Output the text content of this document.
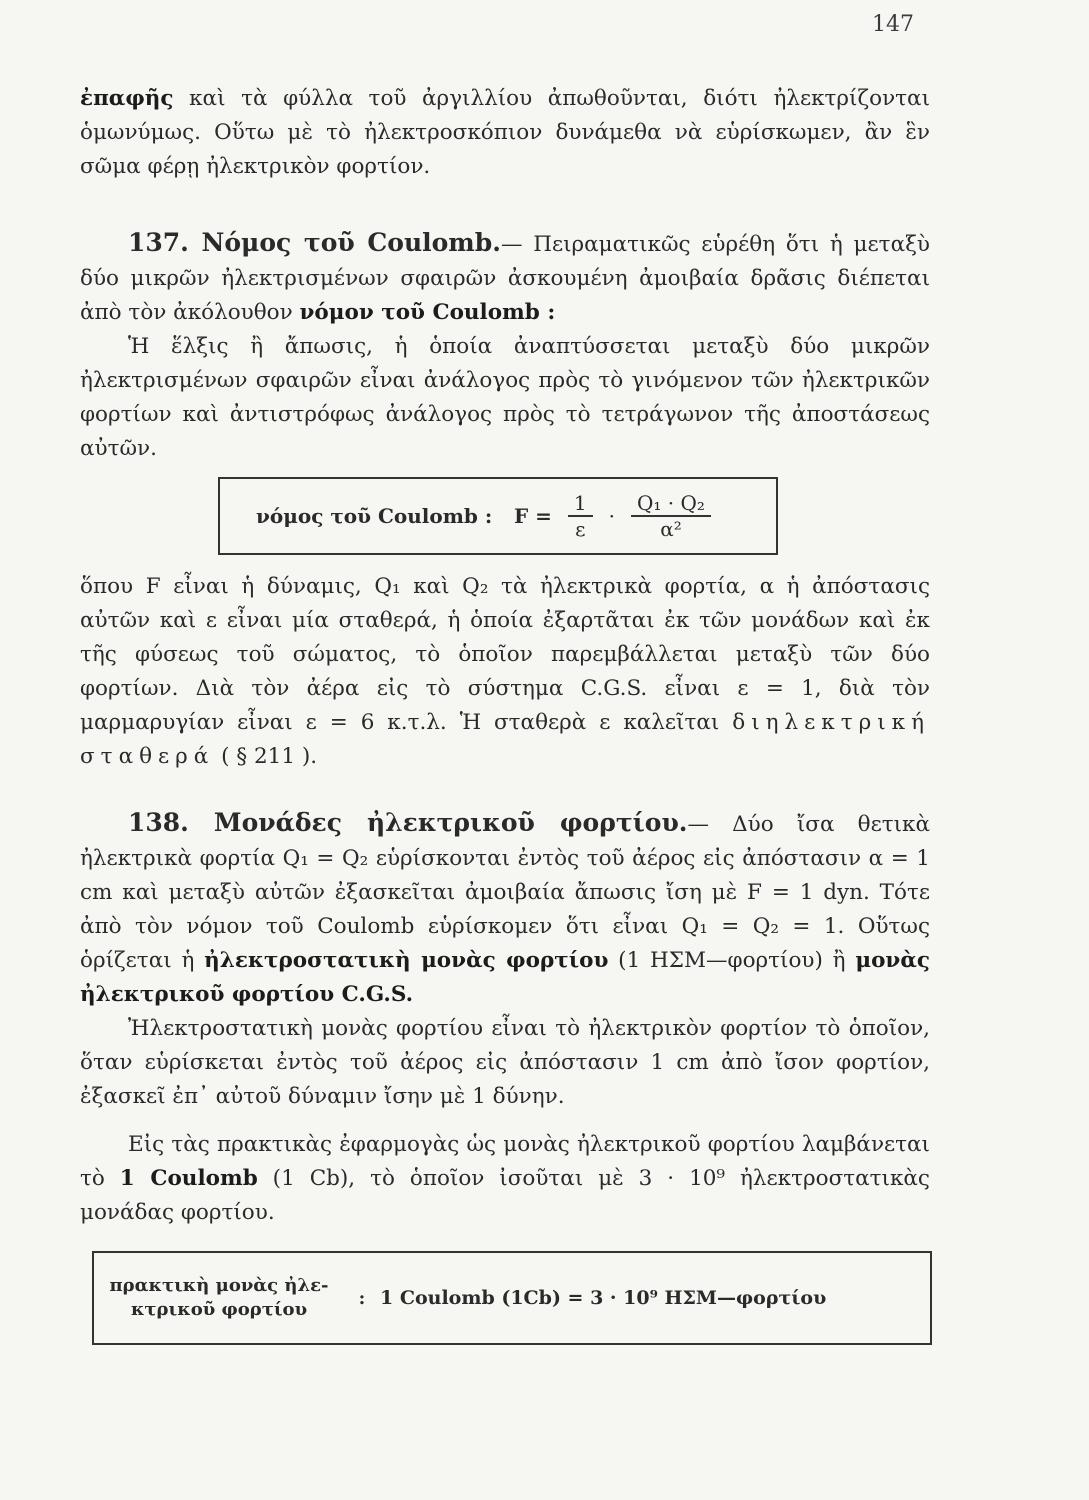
147

ἐπαφῆς καὶ τὰ φύλλα τοῦ ἀργιλλίου ἀπωθοῦνται, διότι ἠλεκτρίζονται ὁμωνύμως. Οὕτω μὲ τὸ ἠλεκτροσκόπιον δυνάμεθα νὰ εὑρίσκωμεν, ἂν ἓν σῶμα φέρῃ ἠλεκτρικὸν φορτίον.

137. Νόμος τοῦ Coulomb.— Πειραματικῶς εὑρέθη ὅτι ἡ μεταξὺ δύο μικρῶν ἠλεκτρισμένων σφαιρῶν ἀσκουμένη ἀμοιβαία δρᾶσις διέπεται ἀπὸ τὸν ἀκόλουθον νόμον τοῦ Coulomb :

Ἡ ἕλξις ἢ ἄπωσις, ἡ ὁποία ἀναπτύσσεται μεταξὺ δύο μικρῶν ἠλεκτρισμένων σφαιρῶν εἶναι ἀνάλογος πρὸς τὸ γινόμενον τῶν ἠλεκτρικῶν φορτίων καὶ ἀντιστρόφως ἀνάλογος πρὸς τὸ τετράγωνον τῆς ἀποστάσεως αὐτῶν.

νόμος τοῦ Coulomb :	$F = \frac{1}{\varepsilon} \cdot \frac{\text{Q₁ · Q₂}}{\text{α²}}$

ὅπου F εἶναι ἡ δύναμις, Q₁ καὶ Q₂ τὰ ἠλεκτρικὰ φορτία, α ἡ ἀπόστασις αὐτῶν καὶ ε εἶναι μία σταθερά, ἡ ὁποία ἐξαρτᾶται ἐκ τῶν μονάδων καὶ ἐκ τῆς φύσεως τοῦ σώματος, τὸ ὁποῖον παρεμβάλλεται μεταξὺ τῶν δύο φορτίων. Διὰ τὸν ἀέρα εἰς τὸ σύστημα C.G.S. εἶναι ε = 1, διὰ τὸν μαρμαρυγίαν εἶναι ε = 6 κ.τ.λ. Ἡ σταθερὰ ε καλεῖται διηλεκτρική σταθερά ( § 211 ).

138. Μονάδες ἠλεκτρικοῦ φορτίου.— Δύο ἴσα θετικὰ ἠλεκτρικὰ φορτία Q₁ = Q₂ εὑρίσκονται ἐντὸς τοῦ ἀέρος εἰς ἀπόστασιν α = 1 cm καὶ μεταξὺ αὐτῶν ἐξασκεῖται ἀμοιβαία ἄπωσις ἴση μὲ F = 1 dyn. Τότε ἀπὸ τὸν νόμον τοῦ Coulomb εὑρίσκομεν ὅτι εἶναι Q₁ = Q₂ = 1. Οὕτως ὁρίζεται ἡ ἠλεκτροστατικὴ μονὰς φορτίου (1 ΗΣΜ—φορτίου) ἢ μονὰς ἠλεκτρικοῦ φορτίου C.G.S.

Ἠλεκτροστατικὴ μονὰς φορτίου εἶναι τὸ ἠλεκτρικὸν φορτίον τὸ ὁποῖον, ὅταν εὑρίσκεται ἐντὸς τοῦ ἀέρος εἰς ἀπόστασιν 1 cm ἀπὸ ἴσον φορτίον, ἐξασκεῖ ἐπ᾽ αὐτοῦ δύναμιν ἴσην μὲ 1 δύνην.

Εἰς τὰς πρακτικὰς ἐφαρμογὰς ὡς μονὰς ἠλεκτρικοῦ φορτίου λαμβάνεται τὸ 1 Coulomb (1 Cb), τὸ ὁποῖον ἰσοῦται μὲ 3 · 10⁹ ἠλεκτροστατικὰς μονάδας φορτίου.

πρακτικὴ μονὰς ἠλε-
κτρικοῦ φορτίου
: 1 Coulomb (1Cb) = 3 · 10⁹ ΗΣΜ—φορτίου
